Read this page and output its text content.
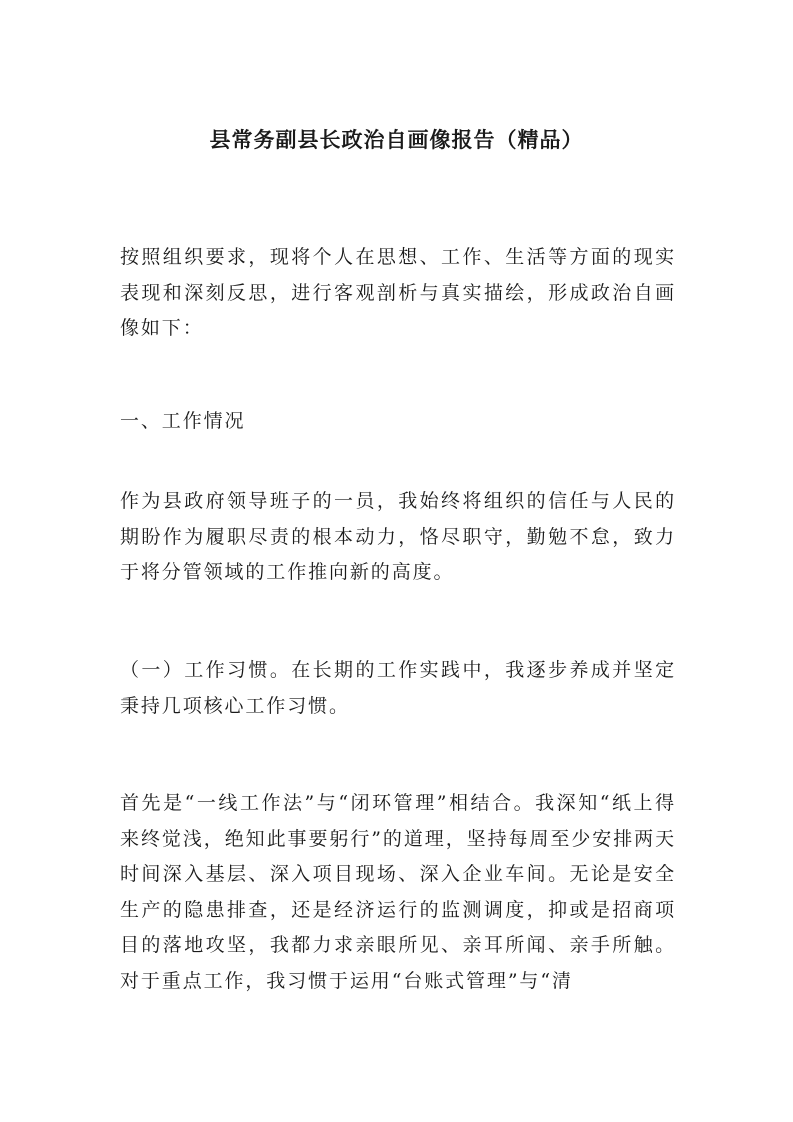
县常务副县长政治自画像报告（精品）

按照组织要求，现将个人在思想、工作、生活等方面的现实表现和深刻反思，进行客观剖析与真实描绘，形成政治自画像如下：

一、工作情况

作为县政府领导班子的一员，我始终将组织的信任与人民的期盼作为履职尽责的根本动力，恪尽职守，勤勉不怠，致力于将分管领域的工作推向新的高度。

（一）工作习惯。在长期的工作实践中，我逐步养成并坚定秉持几项核心工作习惯。

首先是“一线工作法”与“闭环管理”相结合。我深知“纸上得来终觉浅，绝知此事要躬行”的道理，坚持每周至少安排两天时间深入基层、深入项目现场、深入企业车间。无论是安全生产的隐患排查，还是经济运行的监测调度，抑或是招商项目的落地攻坚，我都力求亲眼所见、亲耳所闻、亲手所触。对于重点工作，我习惯于运用“台账式管理”与“清
